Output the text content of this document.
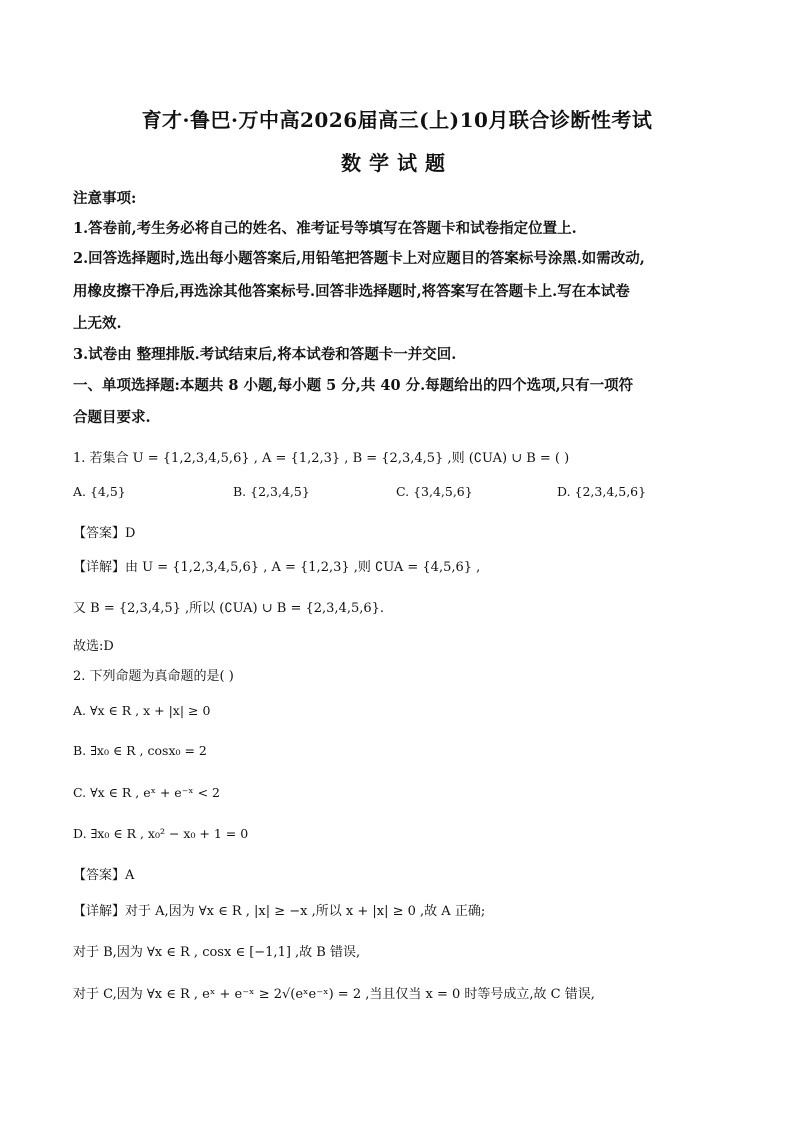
育才·鲁巴·万中高2026届高三(上)10月联合诊断性考试
数学试题
注意事项:
1.答卷前,考生务必将自己的姓名、准考证号等填写在答题卡和试卷指定位置上.
2.回答选择题时,选出每小题答案后,用铅笔把答题卡上对应题目的答案标号涂黑.如需改动,
用橡皮擦干净后,再选涂其他答案标号.回答非选择题时,将答案写在答题卡上.写在本试卷
上无效.
3.试卷由 整理排版.考试结束后,将本试卷和答题卡一并交回.
一、单项选择题:本题共 8 小题,每小题 5 分,共 40 分.每题给出的四个选项,只有一项符
合题目要求.
1. 若集合 U = {1,2,3,4,5,6} , A = {1,2,3} , B = {2,3,4,5} ,则 (∁UA) ∪ B = ( )
A. {4,5}	B. {2,3,4,5}	C. {3,4,5,6}	D. {2,3,4,5,6}
【答案】D
【详解】由 U = {1,2,3,4,5,6} , A = {1,2,3} ,则 ∁UA = {4,5,6} ,
又 B = {2,3,4,5} ,所以 (∁UA) ∪ B = {2,3,4,5,6}.
故选:D
2. 下列命题为真命题的是( )
A. ∀x ∈ R , x + |x| ≥ 0
B. ∃x₀ ∈ R , cosx₀ = 2
C. ∀x ∈ R , eˣ + e⁻ˣ < 2
D. ∃x₀ ∈ R , x₀² − x₀ + 1 = 0
【答案】A
【详解】对于 A,因为 ∀x ∈ R , |x| ≥ −x ,所以 x + |x| ≥ 0 ,故 A 正确;
对于 B,因为 ∀x ∈ R , cosx ∈ [−1,1] ,故 B 错误,
对于 C,因为 ∀x ∈ R , eˣ + e⁻ˣ ≥ 2√(eˣe⁻ˣ) = 2 ,当且仅当 x = 0 时等号成立,故 C 错误,
